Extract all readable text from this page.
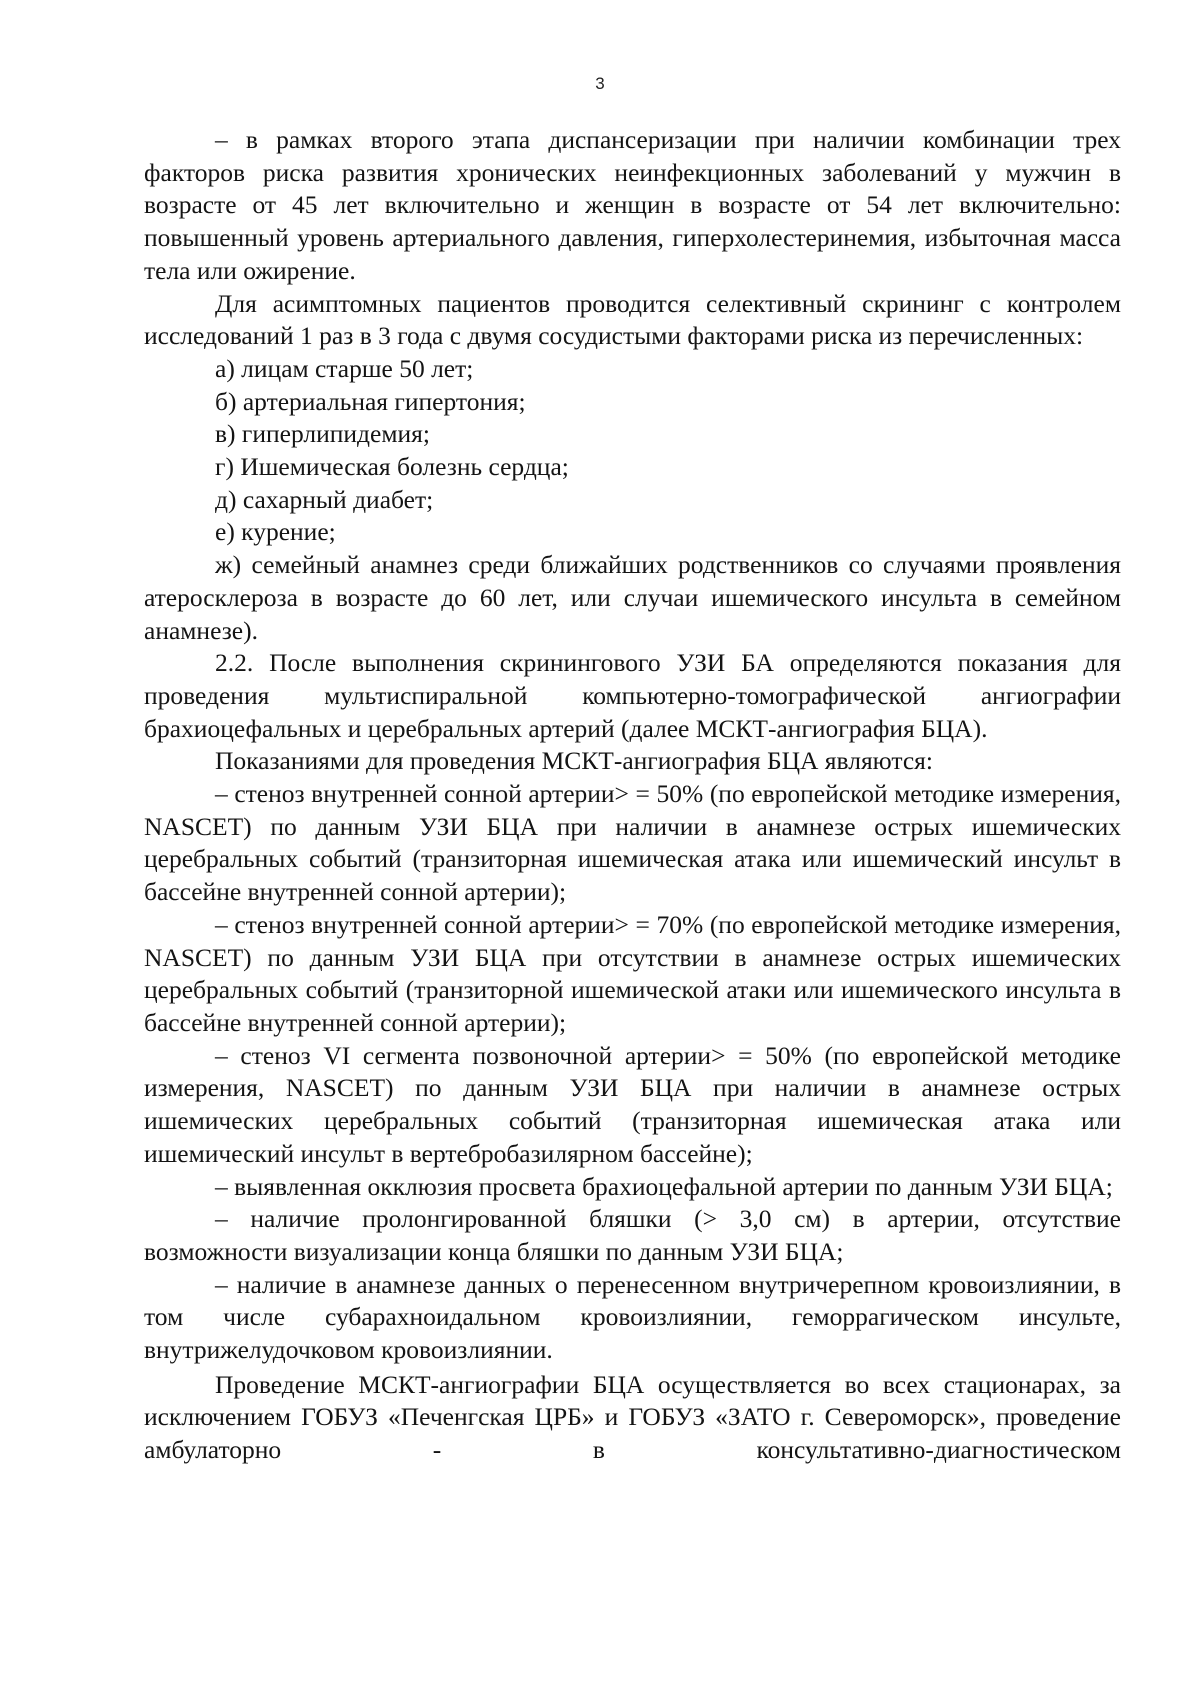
3

– в рамках второго этапа диспансеризации при наличии комбинации трех факторов риска развития хронических неинфекционных заболеваний у мужчин в возрасте от 45 лет включительно и женщин в возрасте от 54 лет включительно: повышенный уровень артериального давления, гиперхолестеринемия, избыточная масса тела или ожирение.

Для асимптомных пациентов проводится селективный скрининг с контролем исследований 1 раз в 3 года с двумя сосудистыми факторами риска из перечисленных:

а) лицам старше 50 лет;

б) артериальная гипертония;

в) гиперлипидемия;

г) Ишемическая болезнь сердца;

д) сахарный диабет;

е) курение;

ж) семейный анамнез среди ближайших родственников со случаями проявления атеросклероза в возрасте до 60 лет, или случаи ишемического инсульта в семейном анамнезе).

2.2. После выполнения скринингового УЗИ БА определяются показания для проведения мультиспиральной компьютерно-томографической ангиографии брахиоцефальных и церебральных артерий (далее МСКТ-ангиография БЦА).

Показаниями для проведения МСКТ-ангиография БЦА являются:

– стеноз внутренней сонной артерии> = 50% (по европейской методике измерения, NASCET) по данным УЗИ БЦА при наличии в анамнезе острых ишемических церебральных событий (транзиторная ишемическая атака или ишемический инсульт в бассейне внутренней сонной артерии);

– стеноз внутренней сонной артерии> = 70% (по европейской методике измерения, NASCET) по данным УЗИ БЦА при отсутствии в анамнезе острых ишемических церебральных событий (транзиторной ишемической атаки или ишемического инсульта в бассейне внутренней сонной артерии);

– стеноз VI сегмента позвоночной артерии> = 50% (по европейской методике измерения, NASCET) по данным УЗИ БЦА при наличии в анамнезе острых ишемических церебральных событий (транзиторная ишемическая атака или ишемический инсульт в вертебробазилярном бассейне);

– выявленная окклюзия просвета брахиоцефальной артерии по данным УЗИ БЦА;

– наличие пролонгированной бляшки (> 3,0 см) в артерии, отсутствие возможности визуализации конца бляшки по данным УЗИ БЦА;

– наличие в анамнезе данных о перенесенном внутричерепном кровоизлиянии, в том числе субарахноидальном кровоизлиянии, геморрагическом инсульте, внутрижелудочковом кровоизлиянии.

Проведение МСКТ-ангиографии БЦА осуществляется во всех стационарах, за исключением ГОБУЗ «Печенгская ЦРБ» и ГОБУЗ «ЗАТО г. Североморск», проведение амбулаторно - в консультативно-диагностическом
